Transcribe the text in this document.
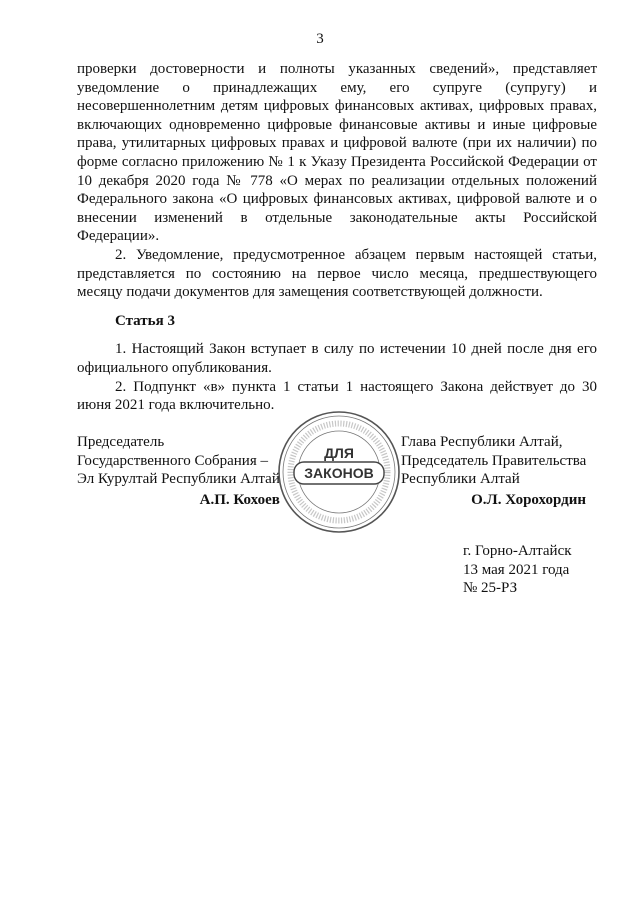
3

проверки достоверности и полноты указанных сведений», представляет уведомление о принадлежащих ему, его супруге (супругу) и несовершеннолетним детям цифровых финансовых активах, цифровых правах, включающих одновременно цифровые финансовые активы и иные цифровые права, утилитарных цифровых правах и цифровой валюте (при их наличии) по форме согласно приложению № 1 к Указу Президента Российской Федерации от 10 декабря 2020 года № 778 «О мерах по реализации отдельных положений Федерального закона «О цифровых финансовых активах, цифровой валюте и о внесении изменений в отдельные законодательные акты Российской Федерации».

2. Уведомление, предусмотренное абзацем первым настоящей статьи, представляется по состоянию на первое число месяца, предшествующего месяцу подачи документов для замещения соответствующей должности.

Статья 3

1. Настоящий Закон вступает в силу по истечении 10 дней после дня его официального опубликования.

2. Подпункт «в» пункта 1 статьи 1 настоящего Закона действует до 30 июня 2021 года включительно.

Председатель
Государственного Собрания –
Эл Курултай Республики Алтай
А.П. Кохоев
ДЛЯ
ЗАКОНОВ
Глава Республики Алтай,
Председатель Правительства
Республики Алтай
О.Л. Хорохордин
г. Горно-Алтайск
13 мая 2021 года
№ 25-РЗ
